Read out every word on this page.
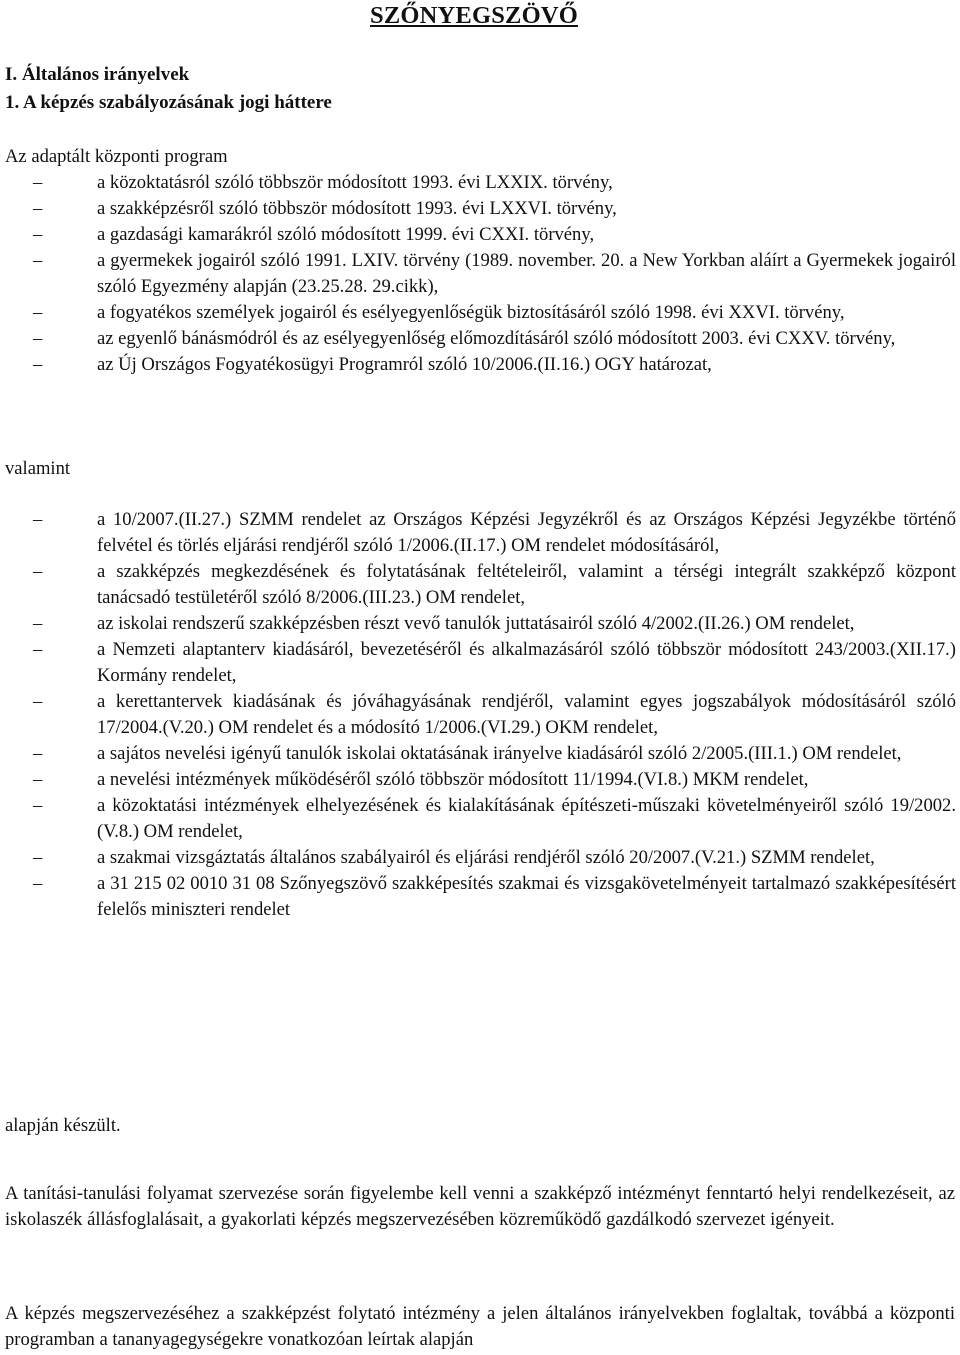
SZŐNYEGSZÖVŐ
I. Általános irányelvek
1. A képzés szabályozásának jogi háttere
Az adaptált központi program
– a közoktatásról szóló többször módosított 1993. évi LXXIX. törvény,
– a szakképzésről szóló többször módosított 1993. évi LXXVI. törvény,
– a gazdasági kamarákról szóló módosított 1999. évi CXXI. törvény,
– a gyermekek jogairól szóló 1991. LXIV. törvény (1989. november. 20. a New Yorkban aláírt a Gyermekek jogairól szóló Egyezmény alapján (23.25.28. 29.cikk),
– a fogyatékos személyek jogairól és esélyegyenlőségük biztosításáról szóló 1998. évi XXVI. törvény,
– az egyenlő bánásmódról és az esélyegyenlőség előmozdításáról szóló módosított 2003. évi CXXV. törvény,
– az Új Országos Fogyatékosügyi Programról szóló 10/2006.(II.16.) OGY határozat,
valamint
– a 10/2007.(II.27.) SZMM rendelet az Országos Képzési Jegyzékről és az Országos Képzési Jegyzékbe történő felvétel és törlés eljárási rendjéről szóló 1/2006.(II.17.) OM rendelet módosításáról,
– a szakképzés megkezdésének és folytatásának feltételeiről, valamint a térségi integrált szakképző központ tanácsadó testületéről szóló 8/2006.(III.23.) OM rendelet,
– az iskolai rendszerű szakképzésben részt vevő tanulók juttatásairól szóló 4/2002.(II.26.) OM rendelet,
– a Nemzeti alaptanterv kiadásáról, bevezetéséről és alkalmazásáról szóló többször módosított 243/2003.(XII.17.) Kormány rendelet,
– a kerettantervek kiadásának és jóváhagyásának rendjéről, valamint egyes jogszabályok módosításáról szóló 17/2004.(V.20.) OM rendelet és a módosító 1/2006.(VI.29.) OKM rendelet,
– a sajátos nevelési igényű tanulók iskolai oktatásának irányelve kiadásáról szóló 2/2005.(III.1.) OM rendelet,
– a nevelési intézmények működéséről szóló többször módosított 11/1994.(VI.8.) MKM rendelet,
– a közoktatási intézmények elhelyezésének és kialakításának építészeti-műszaki követelményeiről szóló 19/2002.(V.8.) OM rendelet,
– a szakmai vizsgáztatás általános szabályairól és eljárási rendjéről szóló 20/2007.(V.21.) SZMM rendelet,
– a 31 215 02 0010 31 08 Szőnyegszövő szakképesítés szakmai és vizsgakövetelményeit tartalmazó szakképesítésért felelős miniszteri rendelet
alapján készült.
A tanítási-tanulási folyamat szervezése során figyelembe kell venni a szakképző intézményt fenntartó helyi rendelkezéseit, az iskolaszék állásfoglalásait, a gyakorlati képzés megszervezésében közreműködő gazdálkodó szervezet igényeit.
A képzés megszervezéséhez a szakképzést folytató intézmény a jelen általános irányelvekben foglaltak, továbbá a központi programban a tananyagegységekre vonatkozóan leírtak alapján
